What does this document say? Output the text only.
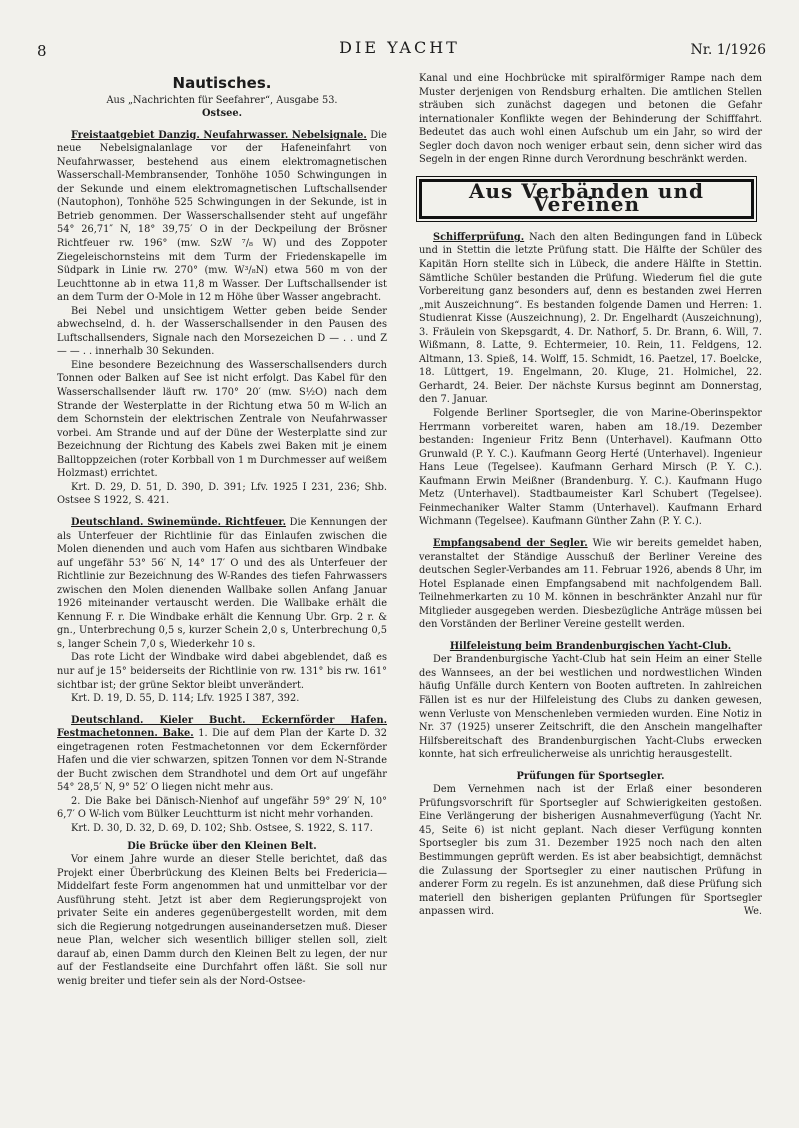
8	DIE YACHT	Nr. 1/1926
Nautisches.

Aus „Nachrichten für Seefahrer“, Ausgabe 53.

Ostsee.

Freistaatgebiet Danzig. Neufahrwasser. Nebelsignale. Die neue Nebelsignalanlage vor der Hafeneinfahrt von Neufahrwasser, bestehend aus einem elektromagnetischen Wasserschall-Membransender, Tonhöhe 1050 Schwingungen in der Sekunde und einem elektromagnetischen Luftschallsender (Nautophon), Tonhöhe 525 Schwingungen in der Sekunde, ist in Betrieb genommen. Der Wasserschallsender steht auf ungefähr 54° 26,71″ N, 18° 39,75′ O in der Deckpeilung der Brösner Richtfeuer rw. 196° (mw. SzW ⁷/₈ W) und des Zoppoter Ziegeleischornsteins mit dem Turm der Friedenskapelle im Südpark in Linie rw. 270° (mw. W³/₈N) etwa 560 m von der Leuchttonne ab in etwa 11,8 m Wasser. Der Luftschallsender ist an dem Turm der O-Mole in 12 m Höhe über Wasser angebracht.

Bei Nebel und unsichtigem Wetter geben beide Sender abwechselnd, d. h. der Wasserschallsender in den Pausen des Luftschallsenders, Signale nach den Morsezeichen D — . . und Z — — . . innerhalb 30 Sekunden.

Eine besondere Bezeichnung des Wasserschallsenders durch Tonnen oder Balken auf See ist nicht erfolgt. Das Kabel für den Wasserschallsender läuft rw. 170° 20′ (mw. S½O) nach dem Strande der Westerplatte in der Richtung etwa 50 m W-lich an dem Schornstein der elektrischen Zentrale von Neufahrwasser vorbei. Am Strande und auf der Düne der Westerplatte sind zur Bezeichnung der Richtung des Kabels zwei Baken mit je einem Balltoppzeichen (roter Korbball von 1 m Durchmesser auf weißem Holzmast) errichtet.

Krt. D. 29, D. 51, D. 390, D. 391; Lfv. 1925 I 231, 236; Shb. Ostsee S 1922, S. 421.

Deutschland. Swinemünde. Richtfeuer. Die Kennungen der als Unterfeuer der Richtlinie für das Einlaufen zwischen die Molen dienenden und auch vom Hafen aus sichtbaren Windbake auf ungefähr 53° 56′ N, 14° 17′ O und des als Unterfeuer der Richtlinie zur Bezeichnung des W-Randes des tiefen Fahrwassers zwischen den Molen dienenden Wallbake sollen Anfang Januar 1926 miteinander vertauscht werden. Die Wallbake erhält die Kennung F. r. Die Windbake erhält die Kennung Ubr. Grp. 2 r. & gn., Unterbrechung 0,5 s, kurzer Schein 2,0 s, Unterbrechung 0,5 s, langer Schein 7,0 s, Wiederkehr 10 s.

Das rote Licht der Windbake wird dabei abgeblendet, daß es nur auf je 15° beiderseits der Richtlinie von rw. 131° bis rw. 161° sichtbar ist; der grüne Sektor bleibt unverändert.

Krt. D. 19, D. 55, D. 114; Lfv. 1925 I 387, 392.

Deutschland. Kieler Bucht. Eckernförder Hafen. Festmachetonnen. Bake. 1. Die auf dem Plan der Karte D. 32 eingetragenen roten Festmachetonnen vor dem Eckernförder Hafen und die vier schwarzen, spitzen Tonnen vor dem N-Strande der Bucht zwischen dem Strandhotel und dem Ort auf ungefähr 54° 28,5′ N, 9° 52′ O liegen nicht mehr aus.

2. Die Bake bei Dänisch-Nienhof auf ungefähr 59° 29′ N, 10° 6,7′ O W-lich vom Bülker Leuchtturm ist nicht mehr vorhanden.

Krt. D. 30, D. 32, D. 69, D. 102; Shb. Ostsee, S. 1922, S. 117.

Die Brücke über den Kleinen Belt.

Vor einem Jahre wurde an dieser Stelle berichtet, daß das Projekt einer Überbrückung des Kleinen Belts bei Fredericia—Middelfart feste Form angenommen hat und unmittelbar vor der Ausführung steht. Jetzt ist aber dem Regierungsprojekt von privater Seite ein anderes gegenübergestellt worden, mit dem sich die Regierung notgedrungen auseinandersetzen muß. Dieser neue Plan, welcher sich wesentlich billiger stellen soll, zielt darauf ab, einen Damm durch den Kleinen Belt zu legen, der nur auf der Festlandseite eine Durchfahrt offen läßt. Sie soll nur wenig breiter und tiefer sein als der Nord-Ostsee-

Kanal und eine Hochbrücke mit spiralförmiger Rampe nach dem Muster derjenigen von Rendsburg erhalten. Die amtlichen Stellen sträuben sich zunächst dagegen und betonen die Gefahr internationaler Konflikte wegen der Behinderung der Schifffahrt. Bedeutet das auch wohl einen Aufschub um ein Jahr, so wird der Segler doch davon noch weniger erbaut sein, denn sicher wird das Segeln in der engen Rinne durch Verordnung beschränkt werden.

Aus Verbänden und Vereinen

Schifferprüfung. Nach den alten Bedingungen fand in Lübeck und in Stettin die letzte Prüfung statt. Die Hälfte der Schüler des Kapitän Horn stellte sich in Lübeck, die andere Hälfte in Stettin. Sämtliche Schüler bestanden die Prüfung. Wiederum fiel die gute Vorbereitung ganz besonders auf, denn es bestanden zwei Herren „mit Auszeichnung“. Es bestanden folgende Damen und Herren: 1. Studienrat Kisse (Auszeichnung), 2. Dr. Engelhardt (Auszeichnung), 3. Fräulein von Skepsgardt, 4. Dr. Nathorf, 5. Dr. Brann, 6. Will, 7. Wißmann, 8. Latte, 9. Echtermeier, 10. Rein, 11. Feldgens, 12. Altmann, 13. Spieß, 14. Wolff, 15. Schmidt, 16. Paetzel, 17. Boelcke, 18. Lüttgert, 19. Engelmann, 20. Kluge, 21. Holmichel, 22. Gerhardt, 24. Beier. Der nächste Kursus beginnt am Donnerstag, den 7. Januar.

Folgende Berliner Sportsegler, die von Marine-Oberinspektor Herrmann vorbereitet waren, haben am 18./19. Dezember bestanden: Ingenieur Fritz Benn (Unterhavel). Kaufmann Otto Grunwald (P. Y. C.). Kaufmann Georg Herté (Unterhavel). Ingenieur Hans Leue (Tegelsee). Kaufmann Gerhard Mirsch (P. Y. C.). Kaufmann Erwin Meißner (Brandenburg. Y. C.). Kaufmann Hugo Metz (Unterhavel). Stadtbaumeister Karl Schubert (Tegelsee). Feinmechaniker Walter Stamm (Unterhavel). Kaufmann Erhard Wichmann (Tegelsee). Kaufmann Günther Zahn (P. Y. C.).

Empfangsabend der Segler. Wie wir bereits gemeldet haben, veranstaltet der Ständige Ausschuß der Berliner Vereine des deutschen Segler-Verbandes am 11. Februar 1926, abends 8 Uhr, im Hotel Esplanade einen Empfangsabend mit nachfolgendem Ball. Teilnehmerkarten zu 10 M. können in beschränkter Anzahl nur für Mitglieder ausgegeben werden. Diesbezügliche Anträge müssen bei den Vorständen der Berliner Vereine gestellt werden.

Hilfeleistung beim Brandenburgischen Yacht-Club.

Der Brandenburgische Yacht-Club hat sein Heim an einer Stelle des Wannsees, an der bei westlichen und nordwestlichen Winden häufig Unfälle durch Kentern von Booten auftreten. In zahlreichen Fällen ist es nur der Hilfeleistung des Clubs zu danken gewesen, wenn Verluste von Menschenleben vermieden wurden. Eine Notiz in Nr. 37 (1925) unserer Zeitschrift, die den Anschein mangelhafter Hilfsbereitschaft des Brandenburgischen Yacht-Clubs erwecken konnte, hat sich erfreulicherweise als unrichtig herausgestellt.

Prüfungen für Sportsegler.

Dem Vernehmen nach ist der Erlaß einer besonderen Prüfungsvorschrift für Sportsegler auf Schwierigkeiten gestoßen. Eine Verlängerung der bisherigen Ausnahmeverfügung (Yacht Nr. 45, Seite 6) ist nicht geplant. Nach dieser Verfügung konnten Sportsegler bis zum 31. Dezember 1925 noch nach den alten Bestimmungen geprüft werden. Es ist aber beabsichtigt, demnächst die Zulassung der Sportsegler zu einer nautischen Prüfung in anderer Form zu regeln. Es ist anzunehmen, daß diese Prüfung sich materiell den bisherigen geplanten Prüfungen für Sportsegler anpassen wird.	We.
